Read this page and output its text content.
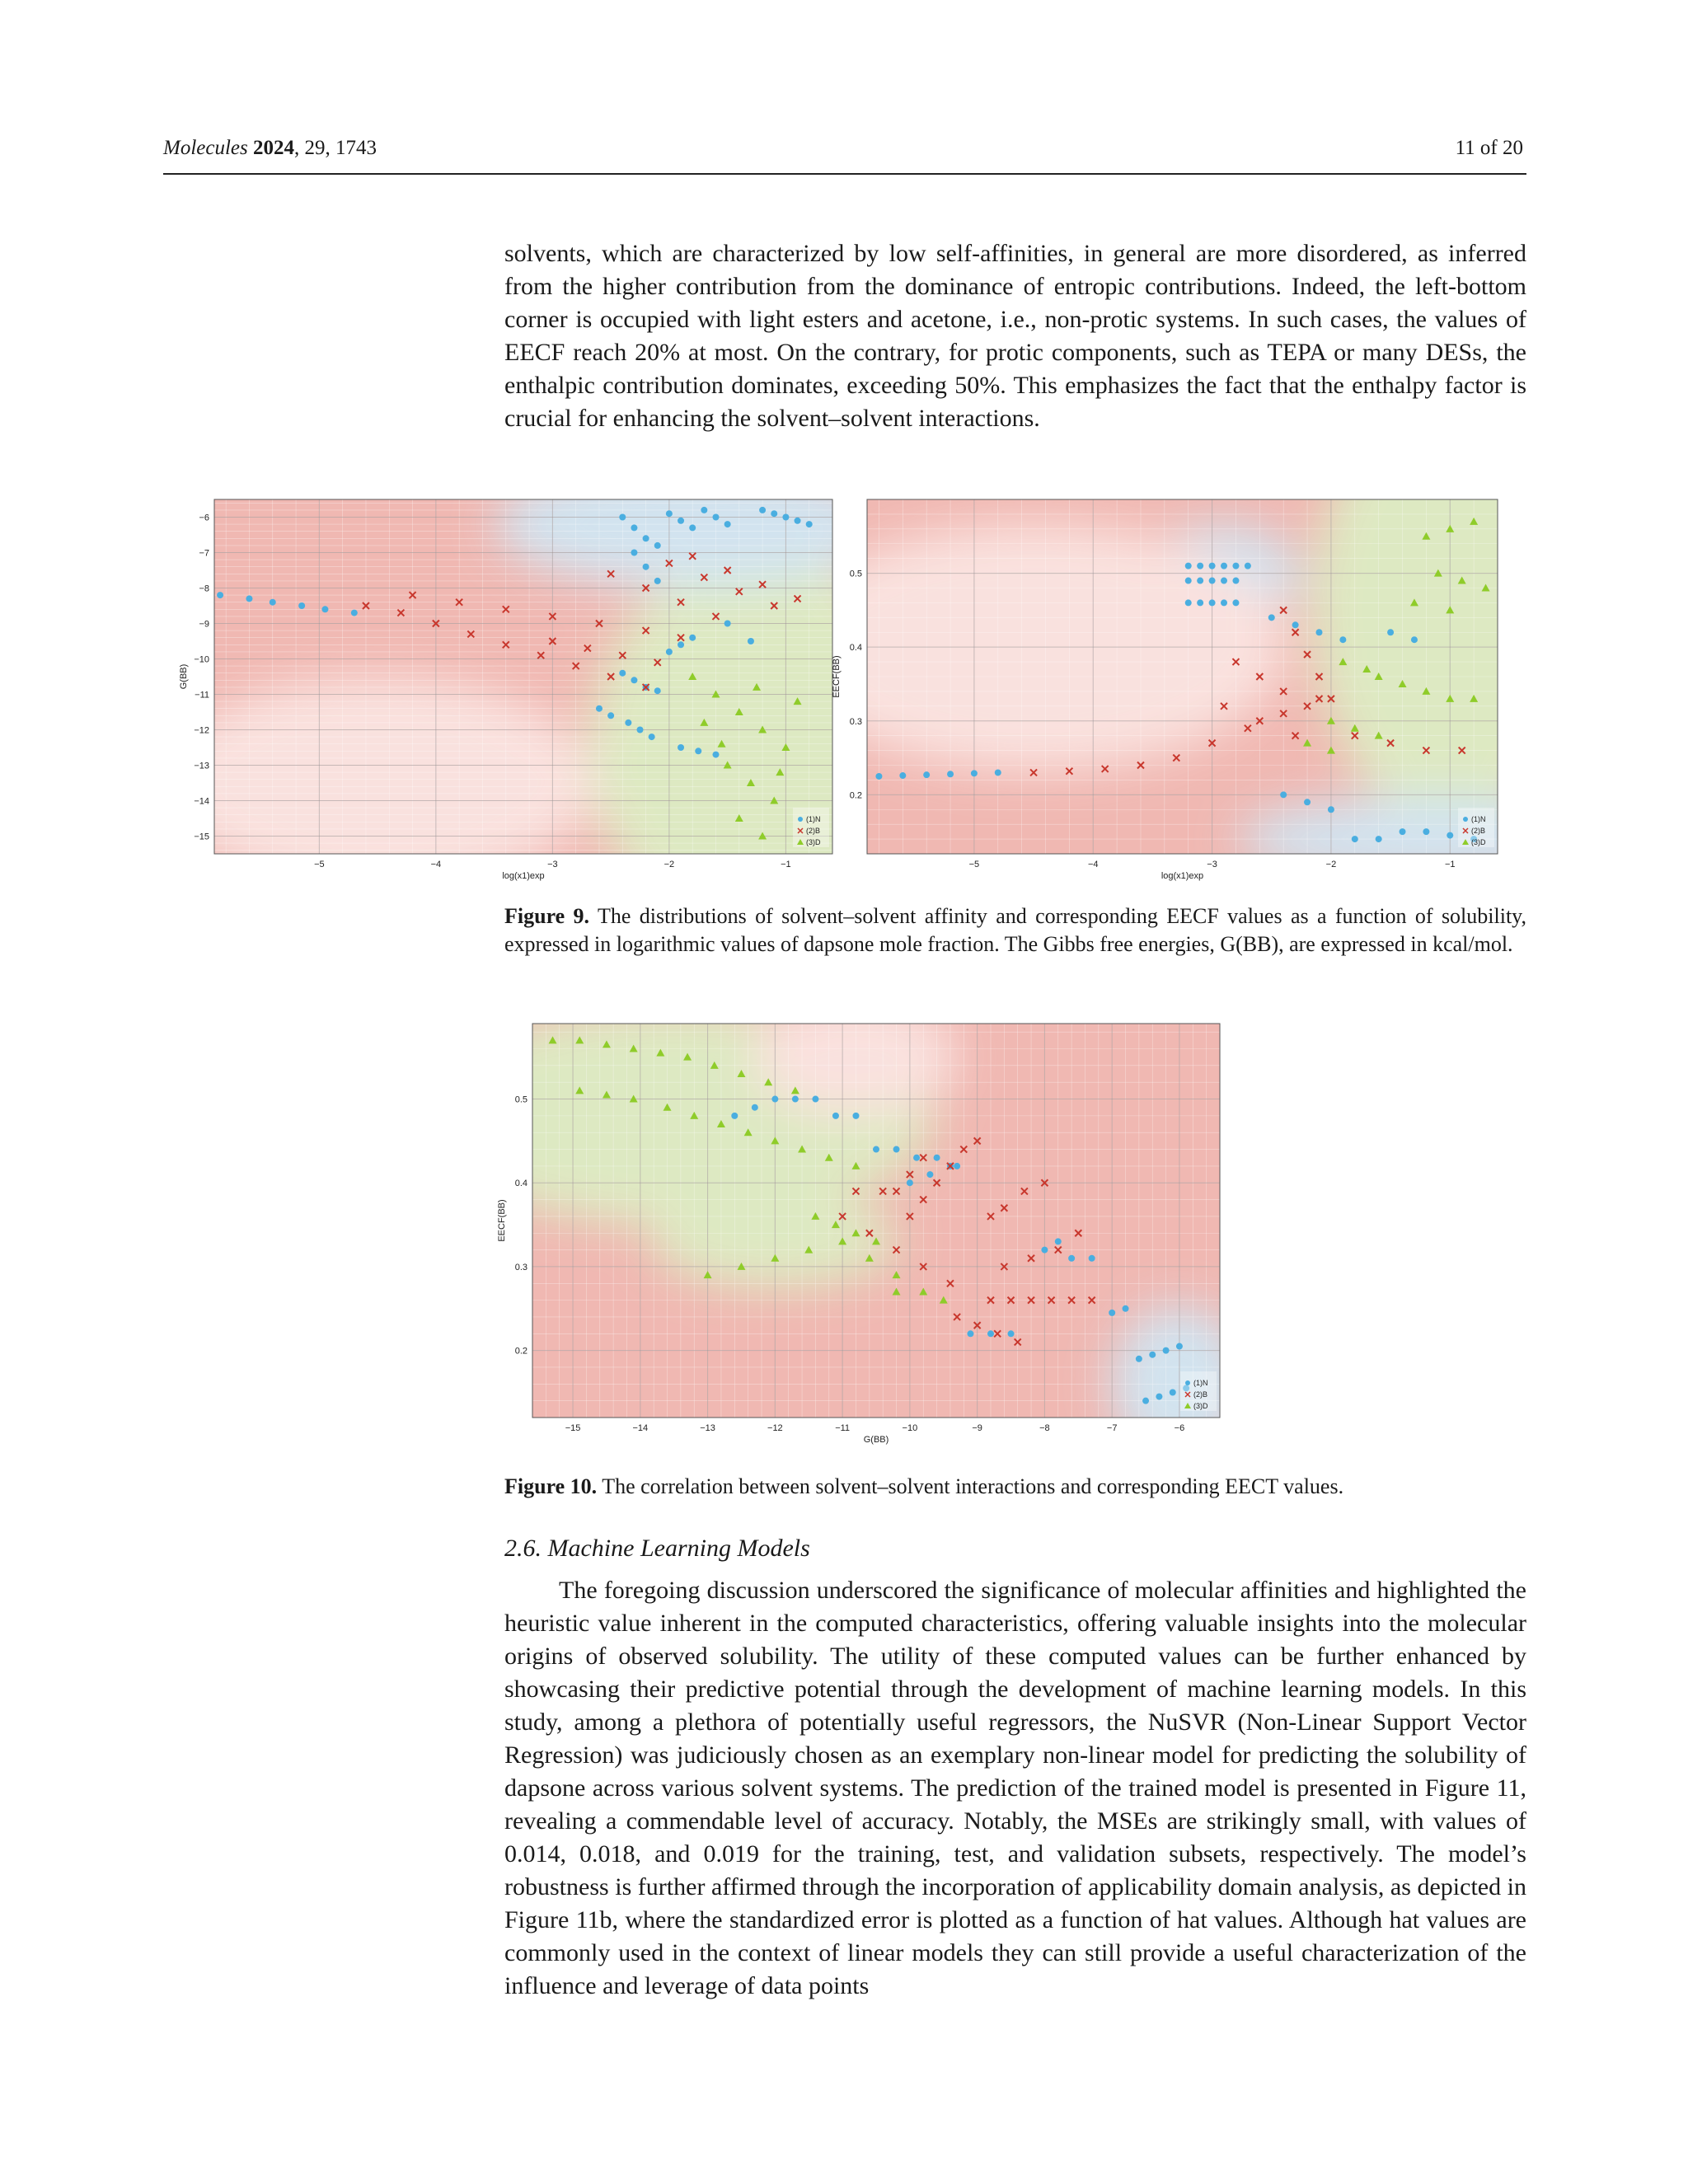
Molecules 2024, 29, 1743	11 of 20
solvents, which are characterized by low self-affinities, in general are more disordered, as inferred from the higher contribution from the dominance of entropic contributions. Indeed, the left-bottom corner is occupied with light esters and acetone, i.e., non-protic systems. In such cases, the values of EECF reach 20% at most. On the contrary, for protic components, such as TEPA or many DESs, the enthalpic contribution dominates, exceeding 50%. This emphasizes the fact that the enthalpy factor is crucial for enhancing the solvent–solvent interactions.
−5	−4	−3	−2	−1
−6
−7
−8
−9
−10
−11
−12
−13
−14
−15
log(x1)exp
G(BB)
(1)N
(2)B
(3)D
−5	−4	−3	−2	−1
0.5
0.4
0.3
0.2
log(x1)exp
EECF(BB)
(1)N
(2)B
(3)D
Figure 9. The distributions of solvent–solvent affinity and corresponding EECF values as a function of solubility, expressed in logarithmic values of dapsone mole fraction. The Gibbs free energies, G(BB), are expressed in kcal/mol.
−15	−14	−13	−12	−11	−10	−9	−8	−7	−6
0.5
0.4
0.3
0.2
G(BB)
EECF(BB)
(1)N
(2)B
(3)D
Figure 10. The correlation between solvent–solvent interactions and corresponding EECT values.
2.6. Machine Learning Models
The foregoing discussion underscored the significance of molecular affinities and highlighted the heuristic value inherent in the computed characteristics, offering valuable insights into the molecular origins of observed solubility. The utility of these computed values can be further enhanced by showcasing their predictive potential through the development of machine learning models. In this study, among a plethora of potentially useful regressors, the NuSVR (Non-Linear Support Vector Regression) was judiciously chosen as an exemplary non-linear model for predicting the solubility of dapsone across various solvent systems. The prediction of the trained model is presented in Figure 11, revealing a commendable level of accuracy. Notably, the MSEs are strikingly small, with values of 0.014, 0.018, and 0.019 for the training, test, and validation subsets, respectively. The model’s robustness is further affirmed through the incorporation of applicability domain analysis, as depicted in Figure 11b, where the standardized error is plotted as a function of hat values. Although hat values are commonly used in the context of linear models they can still provide a useful characterization of the influence and leverage of data points
